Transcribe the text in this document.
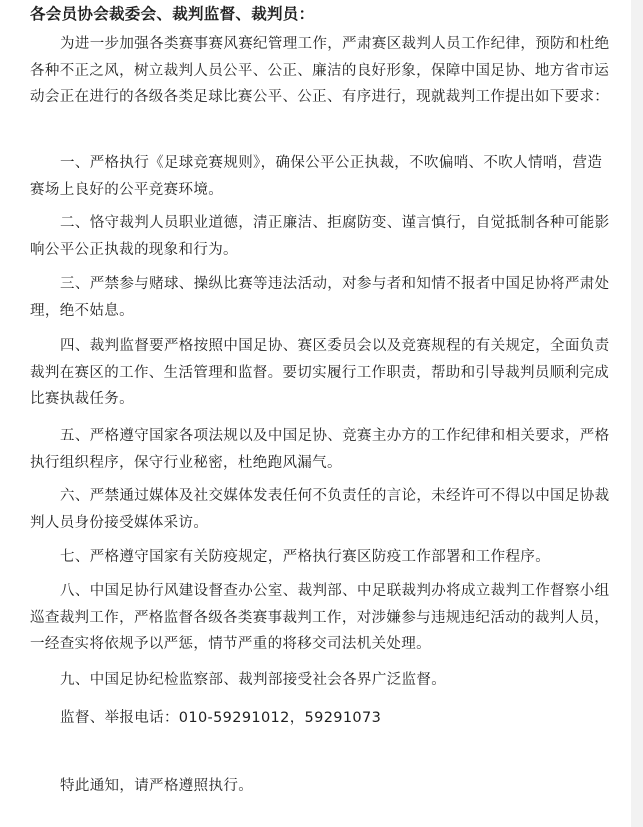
各会员协会裁委会、裁判监督、裁判员：

为进一步加强各类赛事赛风赛纪管理工作，严肃赛区裁判人员工作纪律，预防和杜绝各种不正之风，树立裁判人员公平、公正、廉洁的良好形象，保障中国足协、地方省市运动会正在进行的各级各类足球比赛公平、公正、有序进行，现就裁判工作提出如下要求：

一、严格执行《足球竞赛规则》，确保公平公正执裁，不吹偏哨、不吹人情哨，营造赛场上良好的公平竞赛环境。

二、恪守裁判人员职业道德，清正廉洁、拒腐防变、谨言慎行，自觉抵制各种可能影响公平公正执裁的现象和行为。

三、严禁参与赌球、操纵比赛等违法活动，对参与者和知情不报者中国足协将严肃处理，绝不姑息。

四、裁判监督要严格按照中国足协、赛区委员会以及竞赛规程的有关规定，全面负责裁判在赛区的工作、生活管理和监督。要切实履行工作职责，帮助和引导裁判员顺利完成比赛执裁任务。

五、严格遵守国家各项法规以及中国足协、竞赛主办方的工作纪律和相关要求，严格执行组织程序，保守行业秘密，杜绝跑风漏气。

六、严禁通过媒体及社交媒体发表任何不负责任的言论，未经许可不得以中国足协裁判人员身份接受媒体采访。

七、严格遵守国家有关防疫规定，严格执行赛区防疫工作部署和工作程序。

八、中国足协行风建设督查办公室、裁判部、中足联裁判办将成立裁判工作督察小组巡查裁判工作，严格监督各级各类赛事裁判工作，对涉嫌参与违规违纪活动的裁判人员，一经查实将依规予以严惩，情节严重的将移交司法机关处理。

九、中国足协纪检监察部、裁判部接受社会各界广泛监督。

监督、举报电话：010-59291012，59291073
特此通知，请严格遵照执行。
